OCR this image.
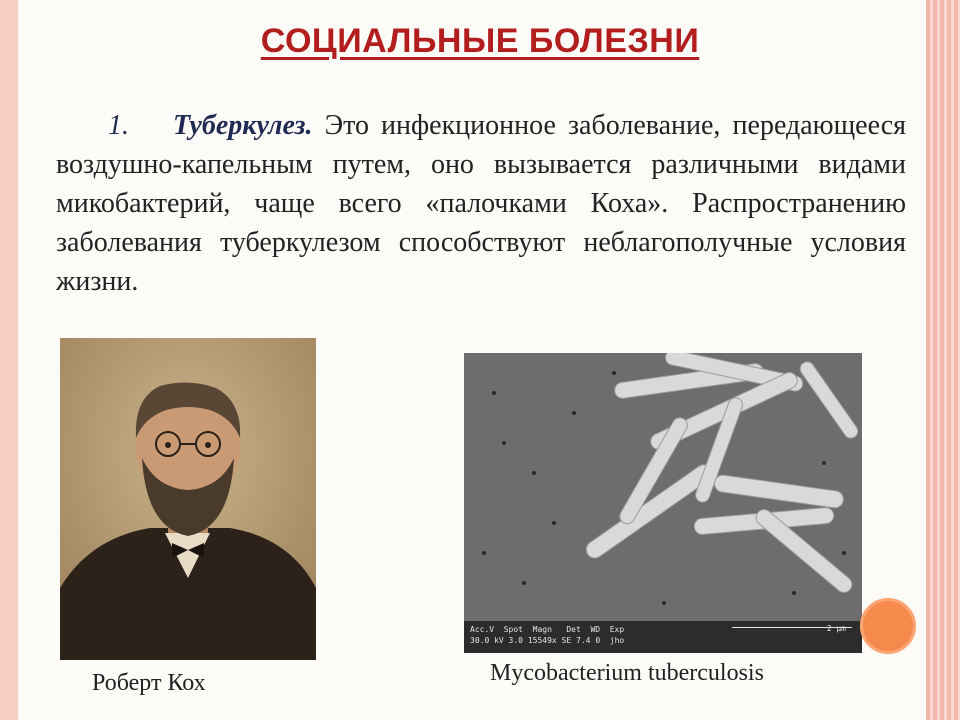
СОЦИАЛЬНЫЕ БОЛЕЗНИ
1. Туберкулез. Это инфекционное заболевание, передающееся воздушно-капельным путем, оно вызывается различными видами микобактерий, чаще всего «палочками Коха». Распространению заболевания туберкулезом способствуют неблагополучные условия жизни.
Acc.V Spot Magn Det WD Exp
30.0 kV 3.0 15549x SE 7.4 0 jho
2 µm
Роберт Кох	Mycobacterium tuberculosis
